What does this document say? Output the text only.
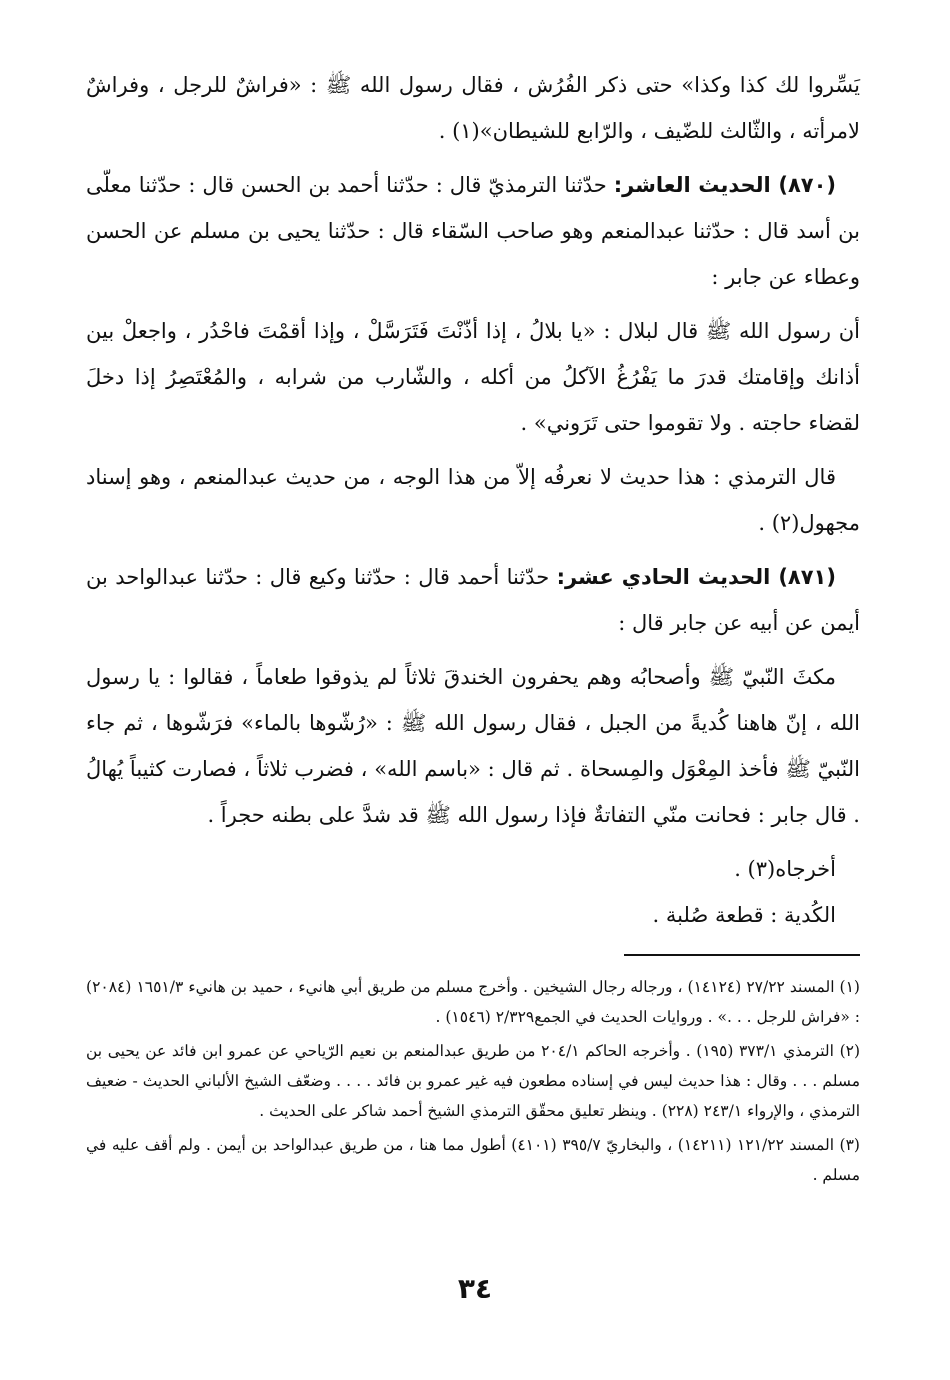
يَسِّروا لك كذا وكذا» حتى ذكر الفُرُش ، فقال رسول الله ﷺ : «فراشٌ للرجل ، وفراشٌ لامرأته ، والثّالث للضّيف ، والرّابع للشيطان»(١) .

(٨٧٠) الحديث العاشر: حدّثنا الترمذيّ قال : حدّثنا أحمد بن الحسن قال : حدّثنا معلّى بن أسد قال : حدّثنا عبدالمنعم وهو صاحب السّقاء قال : حدّثنا يحيى بن مسلم عن الحسن وعطاء عن جابر :

أن رسول الله ﷺ قال لبلال : «يا بلالُ ، إذا أذّنْتَ فَتَرَسَّلْ ، وإذا أقمْتَ فاحْدُر ، واجعلْ بين أذانك وإقامتك قدرَ ما يَفْرُغُ الآكلُ من أكله ، والشّارب من شرابه ، والمُعْتَصِرُ إذا دخلَ لقضاء حاجته . ولا تقوموا حتى تَرَوني» .

قال الترمذي : هذا حديث لا نعرفُه إلاّ من هذا الوجه ، من حديث عبدالمنعم ، وهو إسناد مجهول(٢) .

(٨٧١) الحديث الحادي عشر: حدّثنا أحمد قال : حدّثنا وكيع قال : حدّثنا عبدالواحد بن أيمن عن أبيه عن جابر قال :

مكثَ النّبيّ ﷺ وأصحابُه وهم يحفرون الخندقَ ثلاثاً لم يذوقوا طعاماً ، فقالوا : يا رسول الله ، إنّ هاهنا كُديةً من الجبل ، فقال رسول الله ﷺ : «رُشّوها بالماء» فرَشّوها ، ثم جاء النّبيّ ﷺ فأخذ المِعْوَل والمِسحاة . ثم قال : «باسم الله» ، فضرب ثلاثاً ، فصارت كثيباً يُهالُ . قال جابر : فحانت منّي التفاتةٌ فإذا رسول الله ﷺ قد شدَّ على بطنه حجراً .

أخرجاه(٣) .

الكُدية : قطعة صُلبة .

(١) المسند ٢٧/٢٢ (١٤١٢٤) ، ورجاله رجال الشيخين . وأخرج مسلم من طريق أبي هانيء ، حميد بن هانيء ١٦٥١/٣ (٢٠٨٤) : «فراش للرجل . . .» . وروايات الحديث في الجمع٢/٣٢٩ (١٥٤٦) .

(٢) الترمذي ٣٧٣/١ (١٩٥) . وأخرجه الحاكم ٢٠٤/١ من طريق عبدالمنعم بن نعيم الرّياحي عن عمرو ابن فائد عن يحيى بن مسلم . . . وقال : هذا حديث ليس في إسناده مطعون فيه غير عمرو بن فائد . . . . وضعّف الشيخ الألباني الحديث - ضعيف الترمذي ، والإرواء ٢٤٣/١ (٢٢٨) . وينظر تعليق محقّق الترمذي الشيخ أحمد شاكر على الحديث .

(٣) المسند ١٢١/٢٢ (١٤٢١١) ، والبخاريّ ٣٩٥/٧ (٤١٠١) أطول مما هنا ، من طريق عبدالواحد بن أيمن . ولم أقف عليه في مسلم .

٣٤
